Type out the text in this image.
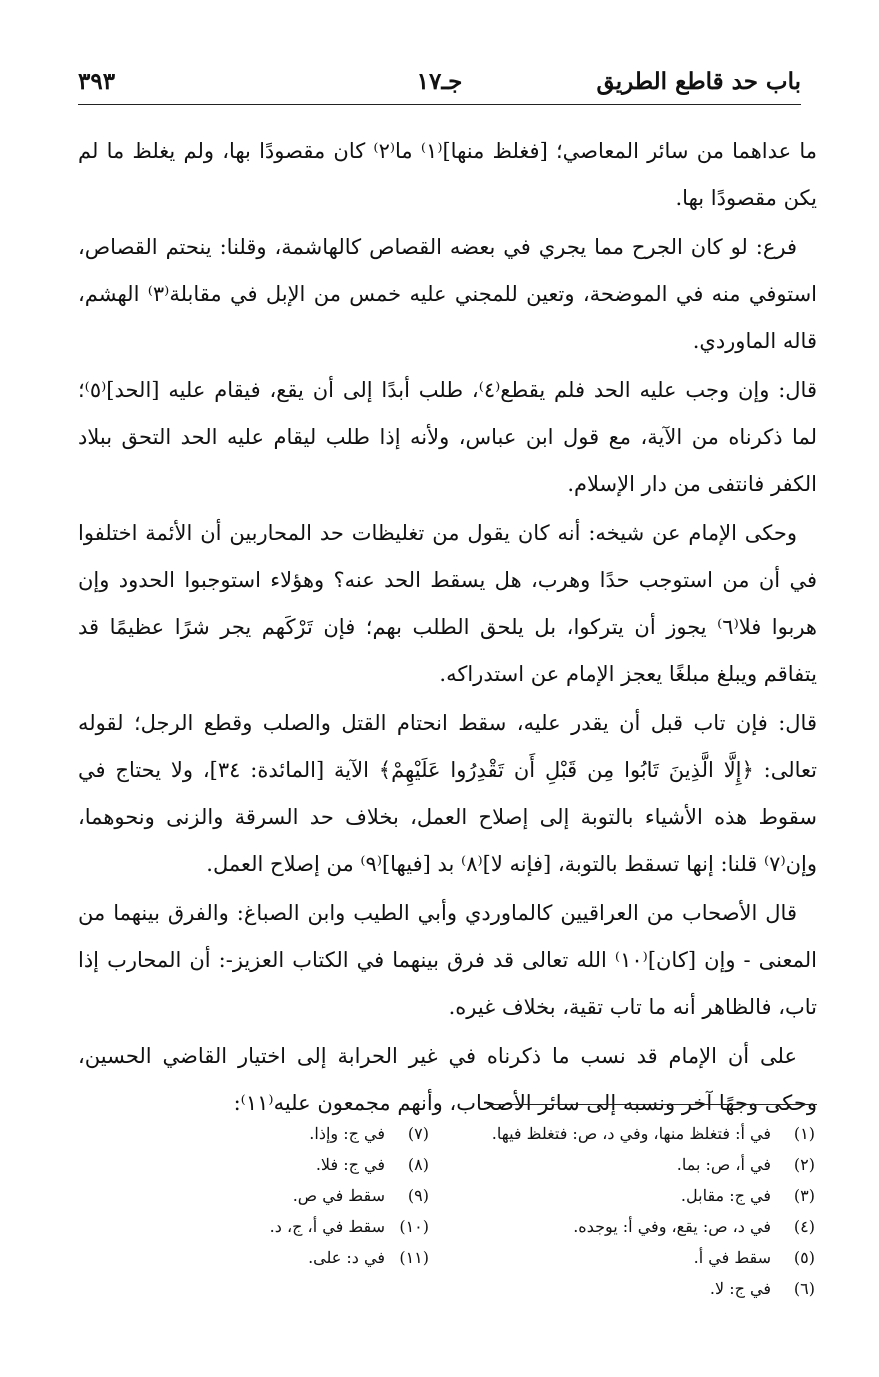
باب حد قاطع الطريق
جـ١٧
٣٩٣

ما عداهما من سائر المعاصي؛ [فغلظ منها]⁽١⁾ ما⁽٢⁾ كان مقصودًا بها، ولم يغلظ ما لم يكن مقصودًا بها.

فرع: لو كان الجرح مما يجري في بعضه القصاص كالهاشمة، وقلنا: ينحتم القصاص، استوفي منه في الموضحة، وتعين للمجني عليه خمس من الإبل في مقابلة⁽٣⁾ الهشم، قاله الماوردي.

قال: وإن وجب عليه الحد فلم يقطع⁽٤⁾، طلب أبدًا إلى أن يقع، فيقام عليه [الحد]⁽٥⁾؛ لما ذكرناه من الآية، مع قول ابن عباس، ولأنه إذا طلب ليقام عليه الحد التحق ببلاد الكفر فانتفى من دار الإسلام.

وحكى الإمام عن شيخه: أنه كان يقول من تغليظات حد المحاربين أن الأئمة اختلفوا في أن من استوجب حدًا وهرب، هل يسقط الحد عنه؟ وهؤلاء استوجبوا الحدود وإن هربوا فلا⁽٦⁾ يجوز أن يتركوا، بل يلحق الطلب بهم؛ فإن تَرْكَهم يجر شرًا عظيمًا قد يتفاقم ويبلغ مبلغًا يعجز الإمام عن استدراكه.

قال: فإن تاب قبل أن يقدر عليه، سقط انحتام القتل والصلب وقطع الرجل؛ لقوله تعالى: ﴿إِلَّا الَّذِينَ تَابُوا مِن قَبْلِ أَن تَقْدِرُوا عَلَيْهِمْ﴾ الآية [المائدة: ٣٤]، ولا يحتاج في سقوط هذه الأشياء بالتوبة إلى إصلاح العمل، بخلاف حد السرقة والزنى ونحوهما، وإن⁽٧⁾ قلنا: إنها تسقط بالتوبة، [فإنه لا]⁽٨⁾ بد [فيها]⁽٩⁾ من إصلاح العمل.

قال الأصحاب من العراقيين كالماوردي وأبي الطيب وابن الصباغ: والفرق بينهما من المعنى - وإن [كان]⁽١٠⁾ الله تعالى قد فرق بينهما في الكتاب العزيز-: أن المحارب إذا تاب، فالظاهر أنه ما تاب تقية، بخلاف غيره.

على أن الإمام قد نسب ما ذكرناه في غير الحرابة إلى اختيار القاضي الحسين، وحكى وجهًا آخر ونسبه إلى سائر الأصحاب، وأنهم مجمعون عليه⁽١١⁾:

(١)في أ: فتغلظ منها، وفي د، ص: فتغلظ فيها.
(٢)في أ، ص: بما.
(٣)في ج: مقابل.
(٤)في د، ص: يقع، وفي أ: يوجده.
(٥)سقط في أ.
(٦)في ج: لا.
(٧)في ج: وإذا.
(٨)في ج: فلا.
(٩)سقط في ص.
(١٠)سقط في أ، ج، د.
(١١)في د: على.
